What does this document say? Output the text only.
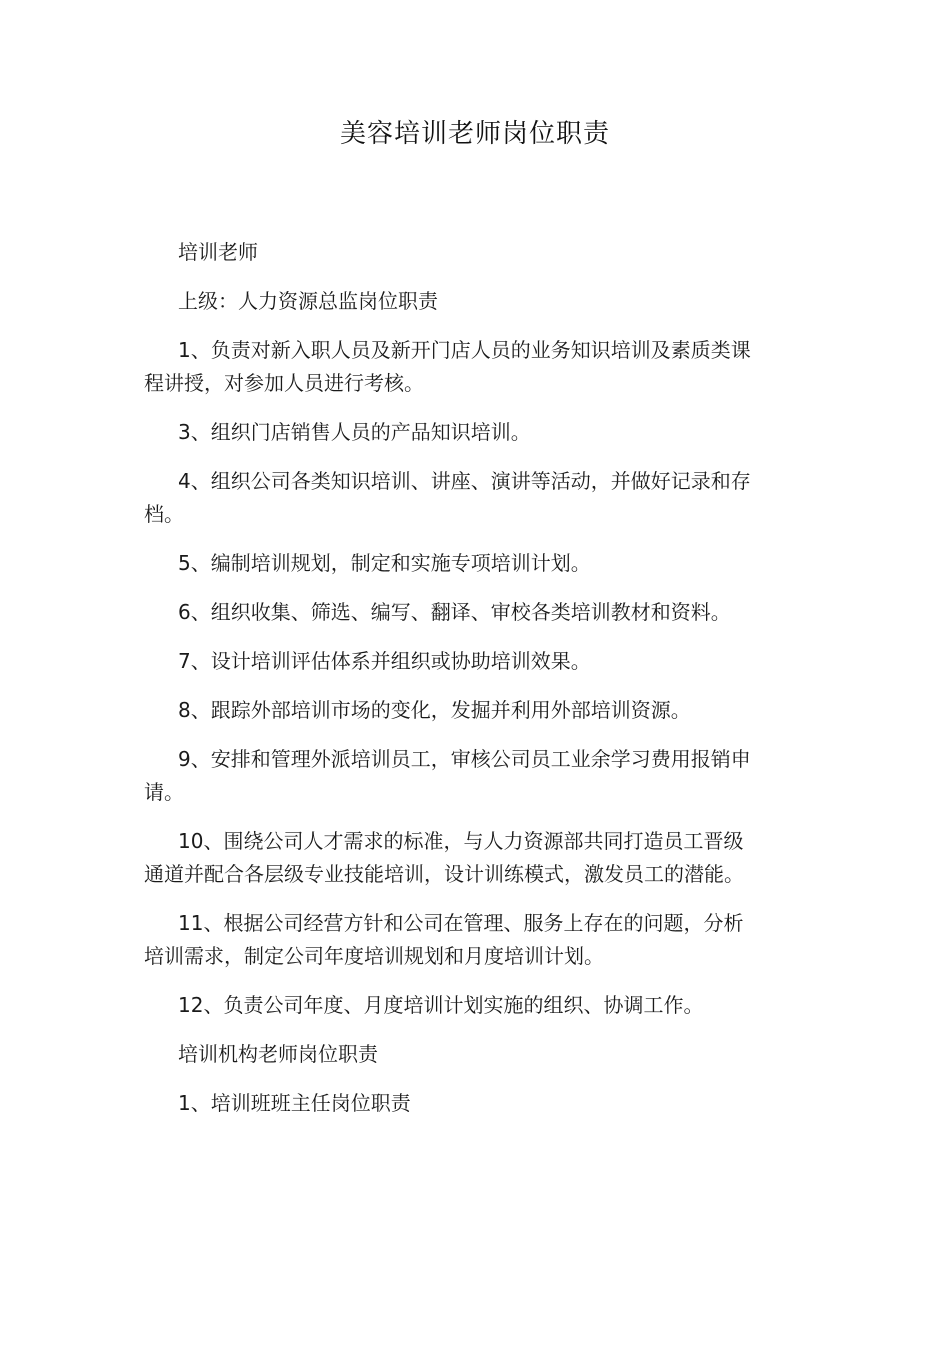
美容培训老师岗位职责

培训老师

上级：人力资源总监岗位职责

1、负责对新入职人员及新开门店人员的业务知识培训及素质类课程讲授，对参加人员进行考核。

3、组织门店销售人员的产品知识培训。

4、组织公司各类知识培训、讲座、演讲等活动，并做好记录和存档。

5、编制培训规划，制定和实施专项培训计划。

6、组织收集、筛选、编写、翻译、审校各类培训教材和资料。

7、设计培训评估体系并组织或协助培训效果。

8、跟踪外部培训市场的变化，发掘并利用外部培训资源。

9、安排和管理外派培训员工，审核公司员工业余学习费用报销申请。

10、围绕公司人才需求的标准，与人力资源部共同打造员工晋级通道并配合各层级专业技能培训，设计训练模式，激发员工的潜能。

11、根据公司经营方针和公司在管理、服务上存在的问题，分析培训需求，制定公司年度培训规划和月度培训计划。

12、负责公司年度、月度培训计划实施的组织、协调工作。

培训机构老师岗位职责

1、培训班班主任岗位职责
